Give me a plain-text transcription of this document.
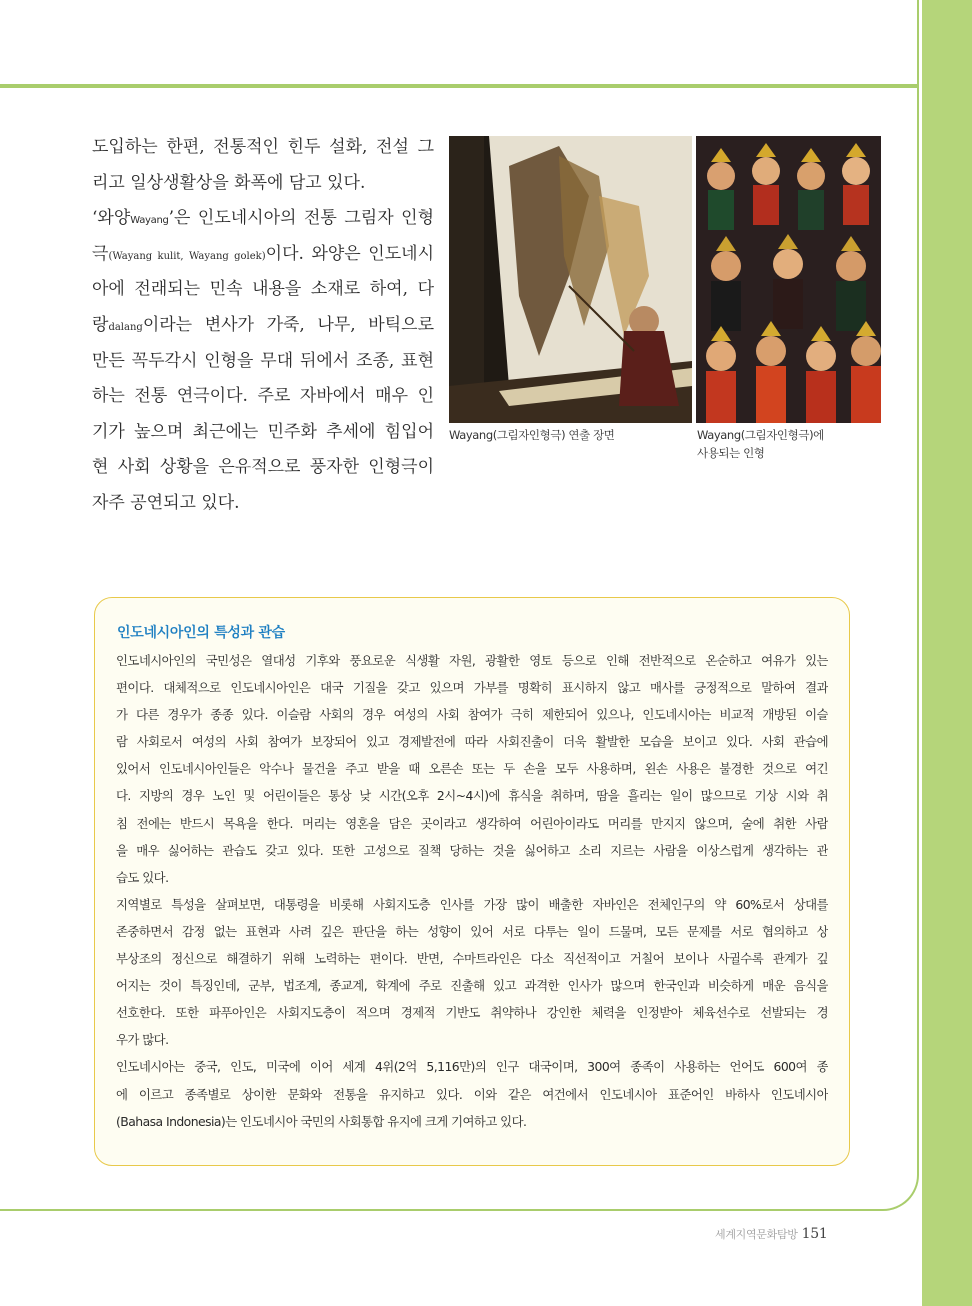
도입하는 한편, 전통적인 힌두 설화, 전설 그
리고 일상생활상을 화폭에 담고 있다.
‘와양Wayang’은 인도네시아의 전통 그림자 인형
극(Wayang kulit, Wayang golek)이다. 와양은 인도네시
아에 전래되는 민속 내용을 소재로 하여, 다
랑dalang이라는 변사가 가죽, 나무, 바틱으로
만든 꼭두각시 인형을 무대 뒤에서 조종, 표현
하는 전통 연극이다. 주로 자바에서 매우 인
기가 높으며 최근에는 민주화 추세에 힘입어
현 사회 상황을 은유적으로 풍자한 인형극이
자주 공연되고 있다.
Wayang(그림자인형극) 연출 장면	Wayang(그림자인형극)에
사용되는 인형
인도네시아인의 특성과 관습
인도네시아인의 국민성은 열대성 기후와 풍요로운 식생활 자원, 광활한 영토 등으로 인해 전반적으로 온순하고 여유가 있는
편이다. 대체적으로 인도네시아인은 대국 기질을 갖고 있으며 가부를 명확히 표시하지 않고 매사를 긍정적으로 말하여 결과
가 다른 경우가 종종 있다. 이슬람 사회의 경우 여성의 사회 참여가 극히 제한되어 있으나, 인도네시아는 비교적 개방된 이슬
람 사회로서 여성의 사회 참여가 보장되어 있고 경제발전에 따라 사회진출이 더욱 활발한 모습을 보이고 있다. 사회 관습에
있어서 인도네시아인들은 악수나 물건을 주고 받을 때 오른손 또는 두 손을 모두 사용하며, 왼손 사용은 불경한 것으로 여긴
다. 지방의 경우 노인 및 어린이들은 통상 낮 시간(오후 2시~4시)에 휴식을 취하며, 땀을 흘리는 일이 많으므로 기상 시와 취
침 전에는 반드시 목욕을 한다. 머리는 영혼을 담은 곳이라고 생각하여 어린아이라도 머리를 만지지 않으며, 술에 취한 사람
을 매우 싫어하는 관습도 갖고 있다. 또한 고성으로 질책 당하는 것을 싫어하고 소리 지르는 사람을 이상스럽게 생각하는 관
습도 있다.
지역별로 특성을 살펴보면, 대통령을 비롯해 사회지도층 인사를 가장 많이 배출한 자바인은 전체인구의 약 60%로서 상대를
존중하면서 감정 없는 표현과 사려 깊은 판단을 하는 성향이 있어 서로 다투는 일이 드물며, 모든 문제를 서로 협의하고 상
부상조의 정신으로 해결하기 위해 노력하는 편이다. 반면, 수마트라인은 다소 직선적이고 거칠어 보이나 사귈수록 관계가 깊
어지는 것이 특징인데, 군부, 법조계, 종교계, 학계에 주로 진출해 있고 과격한 인사가 많으며 한국인과 비슷하게 매운 음식을
선호한다. 또한 파푸아인은 사회지도층이 적으며 경제적 기반도 취약하나 강인한 체력을 인정받아 체육선수로 선발되는 경
우가 많다.
인도네시아는 중국, 인도, 미국에 이어 세계 4위(2억 5,116만)의 인구 대국이며, 300여 종족이 사용하는 언어도 600여 종
에 이르고 종족별로 상이한 문화와 전통을 유지하고 있다. 이와 같은 여건에서 인도네시아 표준어인 바하사 인도네시아
(Bahasa Indonesia)는 인도네시아 국민의 사회통합 유지에 크게 기여하고 있다.
세계지역문화탐방 151
